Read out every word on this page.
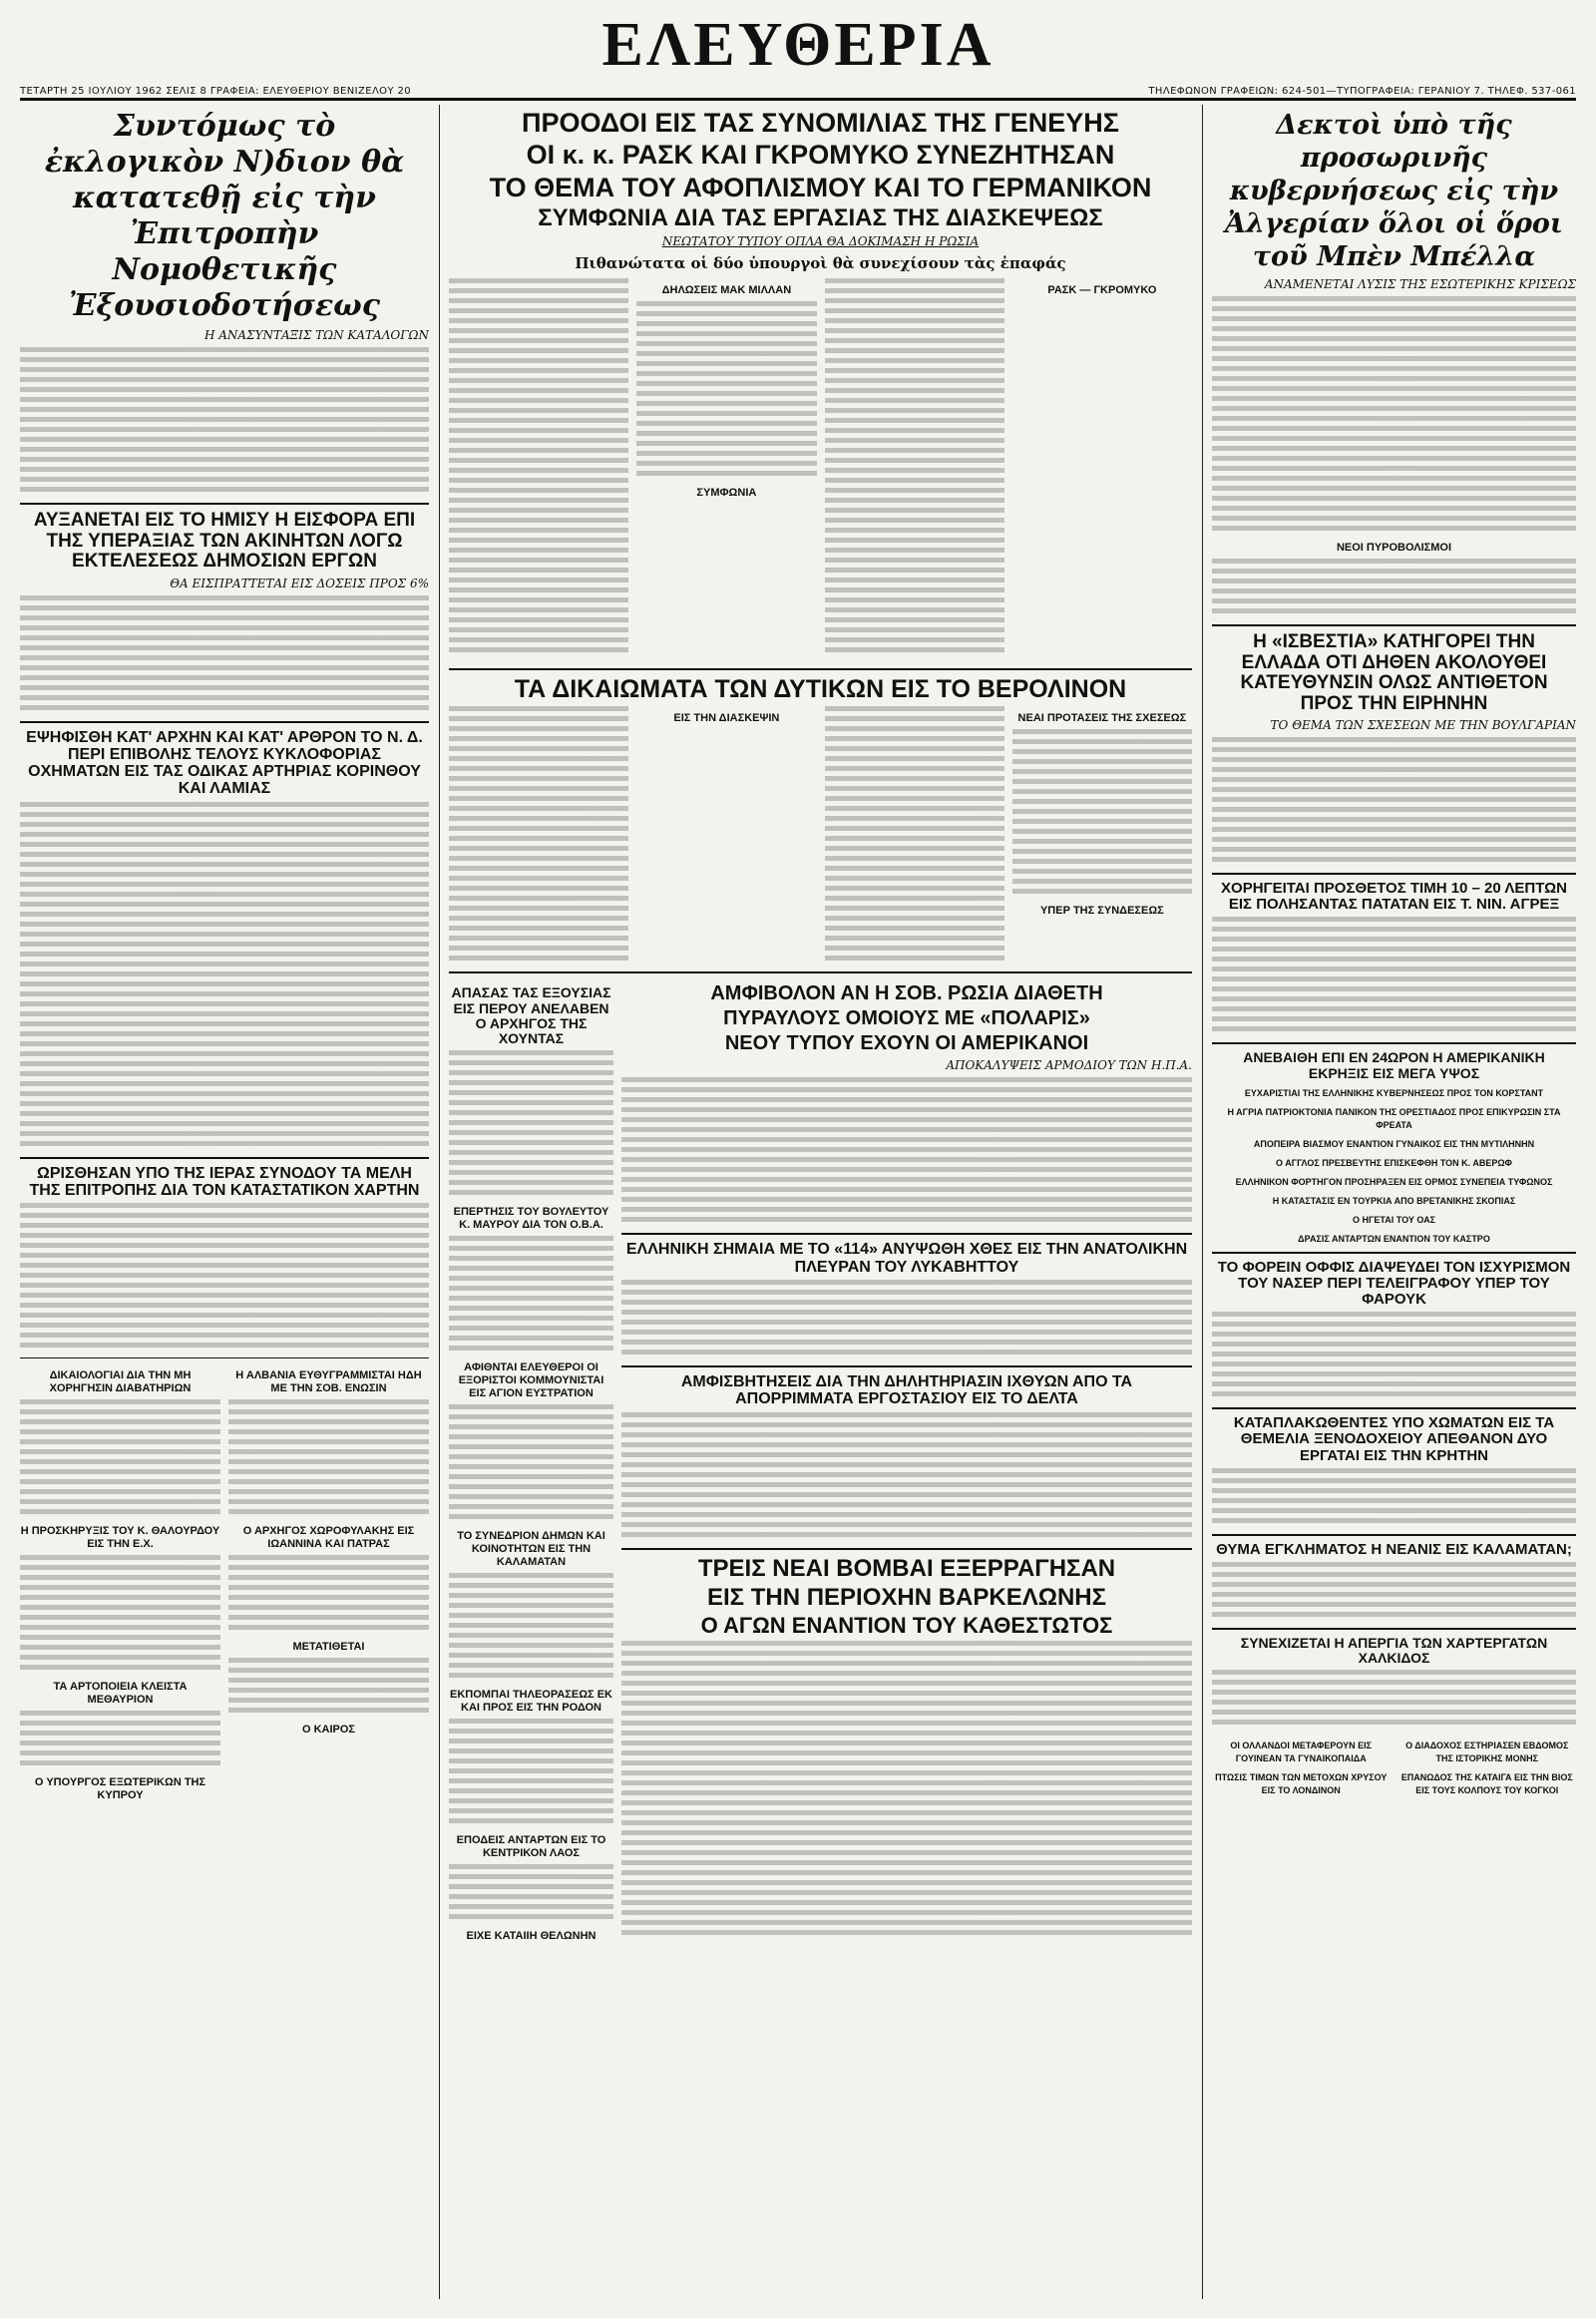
ΕΛΕΥΘΕΡΙΑ
ΤΕΤΑΡΤΗ 25 ΙΟΥΛΙΟΥ 1962 ΣΕΛΙΣ 8 ΓΡΑΦΕΙΑ: ΕΛΕΥΘΕΡΙΟΥ ΒΕΝΙΖΕΛΟΥ 20	ΤΗΛΕΦΩΝΟΝ ΓΡΑΦΕΙΩΝ: 624-501—ΤΥΠΟΓΡΑΦΕΙΑ: ΓΕΡΑΝΙΟΥ 7. ΤΗΛΕΦ. 537-061
Συντόμως τὸ ἐκλογικὸν Ν)διον θὰ κατατεθῇ εἰς τὴν Ἐπιτροπὴν Νομοθετικῆς Ἐξουσιοδοτήσεως
Η ΑΝΑΣΥΝΤΑΞΙΣ ΤΩΝ ΚΑΤΑΛΟΓΩΝ
ΑΥΞΑΝΕΤΑΙ ΕΙΣ ΤΟ ΗΜΙΣΥ Η ΕΙΣΦΟΡΑ ΕΠΙ ΤΗΣ ΥΠΕΡΑΞΙΑΣ ΤΩΝ ΑΚΙΝΗΤΩΝ ΛΟΓΩ ΕΚΤΕΛΕΣΕΩΣ ΔΗΜΟΣΙΩΝ ΕΡΓΩΝ
ΘΑ ΕΙΣΠΡΑΤΤΕΤΑΙ ΕΙΣ ΔΟΣΕΙΣ ΠΡΟΣ 6%
ΕΨΗΦΙΣΘΗ ΚΑΤ' ΑΡΧΗΝ ΚΑΙ ΚΑΤ' ΑΡΘΡΟΝ ΤΟ Ν. Δ. ΠΕΡΙ ΕΠΙΒΟΛΗΣ ΤΕΛΟΥΣ ΚΥΚΛΟΦΟΡΙΑΣ ΟΧΗΜΑΤΩΝ ΕΙΣ ΤΑΣ ΟΔΙΚΑΣ ΑΡΤΗΡΙΑΣ ΚΟΡΙΝΘΟΥ ΚΑΙ ΛΑΜΙΑΣ
ΩΡΙΣΘΗΣΑΝ ΥΠΟ ΤΗΣ ΙΕΡΑΣ ΣΥΝΟΔΟΥ ΤΑ ΜΕΛΗ ΤΗΣ ΕΠΙΤΡΟΠΗΣ ΔΙΑ ΤΟΝ ΚΑΤΑΣΤΑΤΙΚΟΝ ΧΑΡΤΗΝ
ΔΙΚΑΙΟΛΟΓΙΑΙ ΔΙΑ ΤΗΝ ΜΗ ΧΟΡΗΓΗΣΙΝ ΔΙΑΒΑΤΗΡΙΩΝ
Η ΠΡΟΣΚΗΡΥΞΙΣ ΤΟΥ Κ. ΘΑΛΟΥΡΔΟΥ ΕΙΣ ΤΗΝ Ε.Χ.
ΤΑ ΑΡΤΟΠΟΙΕΙΑ ΚΛΕΙΣΤΑ ΜΕΘΑΥΡΙΟΝ
Ο ΥΠΟΥΡΓΟΣ ΕΞΩΤΕΡΙΚΩΝ ΤΗΣ ΚΥΠΡΟΥ
Η ΑΛΒΑΝΙΑ ΕΥΘΥΓΡΑΜΜΙΣΤΑΙ ΗΔΗ ΜΕ ΤΗΝ ΣΟΒ. ΕΝΩΣΙΝ
Ο ΑΡΧΗΓΟΣ ΧΩΡΟΦΥΛΑΚΗΣ ΕΙΣ ΙΩΑΝΝΙΝΑ ΚΑΙ ΠΑΤΡΑΣ
ΜΕΤΑΤΙΘΕΤΑΙ
Ο ΚΑΙΡΟΣ
ΠΡΟΟΔΟΙ ΕΙΣ ΤΑΣ ΣΥΝΟΜΙΛΙΑΣ ΤΗΣ ΓΕΝΕΥΗΣ
ΟΙ κ. κ. ΡΑΣΚ ΚΑΙ ΓΚΡΟΜΥΚΟ ΣΥΝΕΖΗΤΗΣΑΝ
ΤΟ ΘΕΜΑ ΤΟΥ ΑΦΟΠΛΙΣΜΟΥ ΚΑΙ ΤΟ ΓΕΡΜΑΝΙΚΟΝ
ΣΥΜΦΩΝΙΑ ΔΙΑ ΤΑΣ ΕΡΓΑΣΙΑΣ ΤΗΣ ΔΙΑΣΚΕΨΕΩΣ
ΝΕΩΤΑΤΟΥ ΤΥΠΟΥ ΟΠΛΑ ΘΑ ΔΟΚΙΜΑΣΗ Η ΡΩΣΙΑ
Πιθανώτατα οἱ δύο ὑπουργοὶ θὰ συνεχίσουν τὰς ἐπαφάς
ΔΗΛΩΣΕΙΣ ΜΑΚ ΜΙΛΛΑΝ
ΣΥΜΦΩΝΙΑ
ΡΑΣΚ — ΓΚΡΟΜΥΚΟ
ΤΑ ΔΙΚΑΙΩΜΑΤΑ ΤΩΝ ΔΥΤΙΚΩΝ ΕΙΣ ΤΟ ΒΕΡΟΛΙΝΟΝ
ΕΙΣ ΤΗΝ ΔΙΑΣΚΕΨΙΝ	ΝΕΑΙ ΠΡΟΤΑΣΕΙΣ ΤΗΣ ΣΧΕΣΕΩΣ
ΥΠΕΡ ΤΗΣ ΣΥΝΔΕΣΕΩΣ
ΑΠΑΣΑΣ ΤΑΣ ΕΞΟΥΣΙΑΣ ΕΙΣ ΠΕΡΟΥ ΑΝΕΛΑΒΕΝ Ο ΑΡΧΗΓΟΣ ΤΗΣ ΧΟΥΝΤΑΣ
ΕΠΕΡΤΗΣΙΣ ΤΟΥ ΒΟΥΛΕΥΤΟΥ Κ. ΜΑΥΡΟΥ ΔΙΑ ΤΟΝ Ο.Β.Α.
ΑΦΙΘΝΤΑΙ ΕΛΕΥΘΕΡΟΙ ΟΙ ΕΞΟΡΙΣΤΟΙ ΚΟΜΜΟΥΝΙΣΤΑΙ ΕΙΣ ΑΓΙΟΝ ΕΥΣΤΡΑΤΙΟΝ
ΤΟ ΣΥΝΕΔΡΙΟΝ ΔΗΜΩΝ ΚΑΙ ΚΟΙΝΟΤΗΤΩΝ ΕΙΣ ΤΗΝ ΚΑΛΑΜΑΤΑΝ
ΕΚΠΟΜΠΑΙ ΤΗΛΕΟΡΑΣΕΩΣ ΕΚ ΚΑΙ ΠΡΟΣ ΕΙΣ ΤΗΝ ΡΟΔΟΝ
ΕΠΟΔΕΙΣ ΑΝΤΑΡΤΩΝ ΕΙΣ ΤΟ ΚΕΝΤΡΙΚΟΝ ΛΑΟΣ
ΕΙΧΕ ΚΑΤΑΙΙΗ ΘΕΛΩΝΗΝ
ΑΜΦΙΒΟΛΟΝ ΑΝ Η ΣΟΒ. ΡΩΣΙΑ ΔΙΑΘΕΤΗ
ΠΥΡΑΥΛΟΥΣ ΟΜΟΙΟΥΣ ΜΕ «ΠΟΛΑΡΙΣ»
ΝΕΟΥ ΤΥΠΟΥ ΕΧΟΥΝ ΟΙ ΑΜΕΡΙΚΑΝΟΙ
ΑΠΟΚΑΛΥΨΕΙΣ ΑΡΜΟΔΙΟΥ ΤΩΝ Η.Π.Α.
ΕΛΛΗΝΙΚΗ ΣΗΜΑΙΑ ΜΕ ΤΟ «114» ΑΝΥΨΩΘΗ ΧΘΕΣ ΕΙΣ ΤΗΝ ΑΝΑΤΟΛΙΚΗΝ ΠΛΕΥΡΑΝ ΤΟΥ ΛΥΚΑΒΗΤΤΟΥ
ΑΜΦΙΣΒΗΤΗΣΕΙΣ ΔΙΑ ΤΗΝ ΔΗΛΗΤΗΡΙΑΣΙΝ ΙΧΘΥΩΝ ΑΠΟ ΤΑ ΑΠΟΡΡΙΜΜΑΤΑ ΕΡΓΟΣΤΑΣΙΟΥ ΕΙΣ ΤΟ ΔΕΛΤΑ
ΤΡΕΙΣ ΝΕΑΙ ΒΟΜΒΑΙ ΕΞΕΡΡΑΓΗΣΑΝ
ΕΙΣ ΤΗΝ ΠΕΡΙΟΧΗΝ ΒΑΡΚΕΛΩΝΗΣ
Ο ΑΓΩΝ ΕΝΑΝΤΙΟΝ ΤΟΥ ΚΑΘΕΣΤΩΤΟΣ
Δεκτοὶ ὑπὸ τῆς προσωρινῆς κυβερνήσεως εἰς τὴν Ἀλγερίαν ὅλοι οἱ ὅροι τοῦ Μπὲν Μπέλλα
ΑΝΑΜΕΝΕΤΑΙ ΛΥΣΙΣ ΤΗΣ ΕΣΩΤΕΡΙΚΗΣ ΚΡΙΣΕΩΣ
ΝΕΟΙ ΠΥΡΟΒΟΛΙΣΜΟΙ
Η «ΙΣΒΕΣΤΙΑ» ΚΑΤΗΓΟΡΕΙ ΤΗΝ ΕΛΛΑΔΑ ΟΤΙ ΔΗΘΕΝ ΑΚΟΛΟΥΘΕΙ ΚΑΤΕΥΘΥΝΣΙΝ ΟΛΩΣ ΑΝΤΙΘΕΤΟΝ ΠΡΟΣ ΤΗΝ ΕΙΡΗΝΗΝ
ΤΟ ΘΕΜΑ ΤΩΝ ΣΧΕΣΕΩΝ ΜΕ ΤΗΝ ΒΟΥΛΓΑΡΙΑΝ
ΧΟΡΗΓΕΙΤΑΙ ΠΡΟΣΘΕΤΟΣ ΤΙΜΗ 10 – 20 ΛΕΠΤΩΝ ΕΙΣ ΠΟΛΗΣΑΝΤΑΣ ΠΑΤΑΤΑΝ ΕΙΣ Τ. ΝΙΝ. ΑΓΡΕΞ
ΑΝΕΒΑΙΘΗ ΕΠΙ ΕΝ 24ΩΡΟΝ Η ΑΜΕΡΙΚΑΝΙΚΗ ΕΚΡΗΞΙΣ ΕΙΣ ΜΕΓΑ ΥΨΟΣ
ΕΥΧΑΡΙΣΤΙΑΙ ΤΗΣ ΕΛΛΗΝΙΚΗΣ ΚΥΒΕΡΝΗΣΕΩΣ ΠΡΟΣ ΤΟΝ ΚΟΡΣΤΑΝΤ
Η ΑΓΡΙΑ ΠΑΤΡΙΟΚΤΟΝΙΑ ΠΑΝΙΚΟΝ ΤΗΣ ΟΡΕΣΤΙΑΔΟΣ ΠΡΟΣ ΕΠΙΚΥΡΩΣΙΝ ΣΤΑ ΦΡΕΑΤΑ
ΑΠΟΠΕΙΡΑ ΒΙΑΣΜΟΥ ΕΝΑΝΤΙΟΝ ΓΥΝΑΙΚΟΣ ΕΙΣ ΤΗΝ ΜΥΤΙΛΗΝΗΝ
Ο ΑΓΓΛΟΣ ΠΡΕΣΒΕΥΤΗΣ ΕΠΙΣΚΕΦΘΗ ΤΟΝ Κ. ΑΒΕΡΩΦ
ΕΛΛΗΝΙΚΟΝ ΦΟΡΤΗΓΟΝ ΠΡΟΣΗΡΑΞΕΝ ΕΙΣ ΟΡΜΟΣ ΣΥΝΕΠΕΙΑ ΤΥΦΩΝΟΣ
Η ΚΑΤΑΣΤΑΣΙΣ ΕΝ ΤΟΥΡΚΙΑ ΑΠΟ ΒΡΕΤΑΝΙΚΗΣ ΣΚΟΠΙΑΣ
Ο ΗΓΕΤΑΙ ΤΟΥ ΟΑΣ
ΔΡΑΣΙΣ ΑΝΤΑΡΤΩΝ ΕΝΑΝΤΙΟΝ ΤΟΥ ΚΑΣΤΡΟ
ΤΟ ΦΟΡΕΙΝ ΟΦΦΙΣ ΔΙΑΨΕΥΔΕΙ ΤΟΝ ΙΣΧΥΡΙΣΜΟΝ ΤΟΥ ΝΑΣΕΡ ΠΕΡΙ ΤΕΛΕΙΓΡΑΦΟΥ ΥΠΕΡ ΤΟΥ ΦΑΡΟΥΚ
ΚΑΤΑΠΛΑΚΩΘΕΝΤΕΣ ΥΠΟ ΧΩΜΑΤΩΝ ΕΙΣ ΤΑ ΘΕΜΕΛΙΑ ΞΕΝΟΔΟΧΕΙΟΥ ΑΠΕΘΑΝΟΝ ΔΥΟ ΕΡΓΑΤΑΙ ΕΙΣ ΤΗΝ ΚΡΗΤΗΝ
ΘΥΜΑ ΕΓΚΛΗΜΑΤΟΣ Η ΝΕΑΝΙΣ ΕΙΣ ΚΑΛΑΜΑΤΑΝ;
ΣΥΝΕΧΙΖΕΤΑΙ Η ΑΠΕΡΓΙΑ ΤΩΝ ΧΑΡΤΕΡΓΑΤΩΝ ΧΑΛΚΙΔΟΣ
ΟΙ ΟΛΛΑΝΔΟΙ ΜΕΤΑΦΕΡΟΥΝ ΕΙΣ ΓΟΥΙΝΕΑΝ ΤΑ ΓΥΝΑΙΚΟΠΑΙΔΑ
ΠΤΩΣΙΣ ΤΙΜΩΝ ΤΩΝ ΜΕΤΟΧΩΝ ΧΡΥΣΟΥ ΕΙΣ ΤΟ ΛΟΝΔΙΝΟΝ
Ο ΔΙΑΔΟΧΟΣ ΕΣΤΗΡΙΑΣΕΝ ΕΒΔΟΜΟΣ ΤΗΣ ΙΣΤΟΡΙΚΗΣ ΜΟΝΗΣ
ΕΠΑΝΩΔΟΣ ΤΗΣ ΚΑΤΑΙΓΑ ΕΙΣ ΤΗΝ ΒΙΟΣ ΕΙΣ ΤΟΥΣ ΚΟΛΠΟΥΣ ΤΟΥ ΚΟΓΚΟΙ
